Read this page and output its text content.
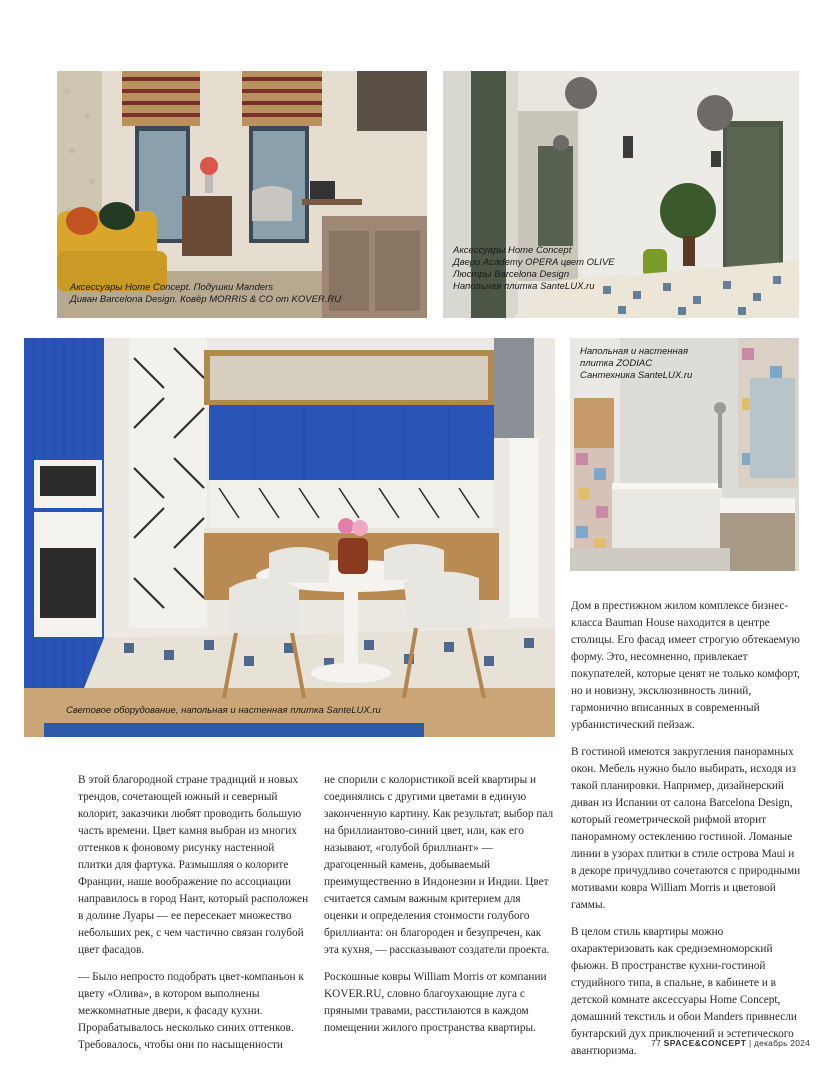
Аксессуары Home Concept. Подушки Manders
Диван Barcelona Design. Ковёр MORRIS & CO от KOVER.RU
Аксессуары Home Concept
Двери Academy OPERA цвет OLIVE
Люстры Barcelona Design
Напольная плитка SanteLUX.ru
Световое оборудование, напольная и настенная плитка SanteLUX.ru
Напольная и настенная
плитка ZODIAC
Сантехника SanteLUX.ru

В этой благородной стране традиций и новых трендов, сочетающей южный и северный колорит, заказчики любят проводить большую часть времени. Цвет камня выбран из многих оттенков к фоновому рисунку настенной плитки для фартука. Размышляя о колорите Франции, наше воображение по ассоциации направилось в город Нант, который расположен в долине Луары — ее пересекает множество небольших рек, с чем частично связан голубой цвет фасадов.

— Было непросто подобрать цвет-компаньон к цвету «Олива», в котором выполнены межкомнатные двери, к фасаду кухни. Прорабатывалось несколько синих оттенков. Требовалось, чтобы они по насыщенности

не спорили с колористикой всей квартиры и соединялись с другими цветами в единую законченную картину. Как результат, выбор пал на бриллиантово-синий цвет, или, как его называют, «голубой бриллиант» — драгоценный камень, добываемый преимущественно в Индонезии и Индии. Цвет считается самым важным критерием для оценки и определения стоимости голубого бриллианта: он благороден и безупречен, как эта кухня, — рассказывают создатели проекта.

Роскошные ковры William Morris от компании KOVER.RU, словно благоухающие луга с пряными травами, расстилаются в каждом помещении жилого пространства квартиры.

Дом в престижном жилом комплексе бизнес-класса Bauman House находится в центре столицы. Его фасад имеет строгую обтекаемую форму. Это, несомненно, привлекает покупателей, которые ценят не только комфорт, но и новизну, эксклюзивность линий, гармонично вписанных в современный урбанистический пейзаж.

В гостиной имеются закругления панорамных окон. Мебель нужно было выбирать, исходя из такой планировки. Например, дизайнерский диван из Испании от салона Barcelona Design, который геометрической рифмой вторит панорамному остеклению гостиной. Ломаные линии в узорах плитки в стиле острова Maui и в декоре причудливо сочетаются с природными мотивами ковра William Morris и цветовой гаммы.

В целом стиль квартиры можно охарактеризовать как средиземноморский фьюжн. В пространстве кухни-гостиной студийного типа, в спальне, в кабинете и в детской комнате аксессуары Home Concept, домашний текстиль и обои Manders привнесли бунтарский дух приключений и эстетического авантюризма.

77 SPACE&CONCEPT | декабрь 2024
